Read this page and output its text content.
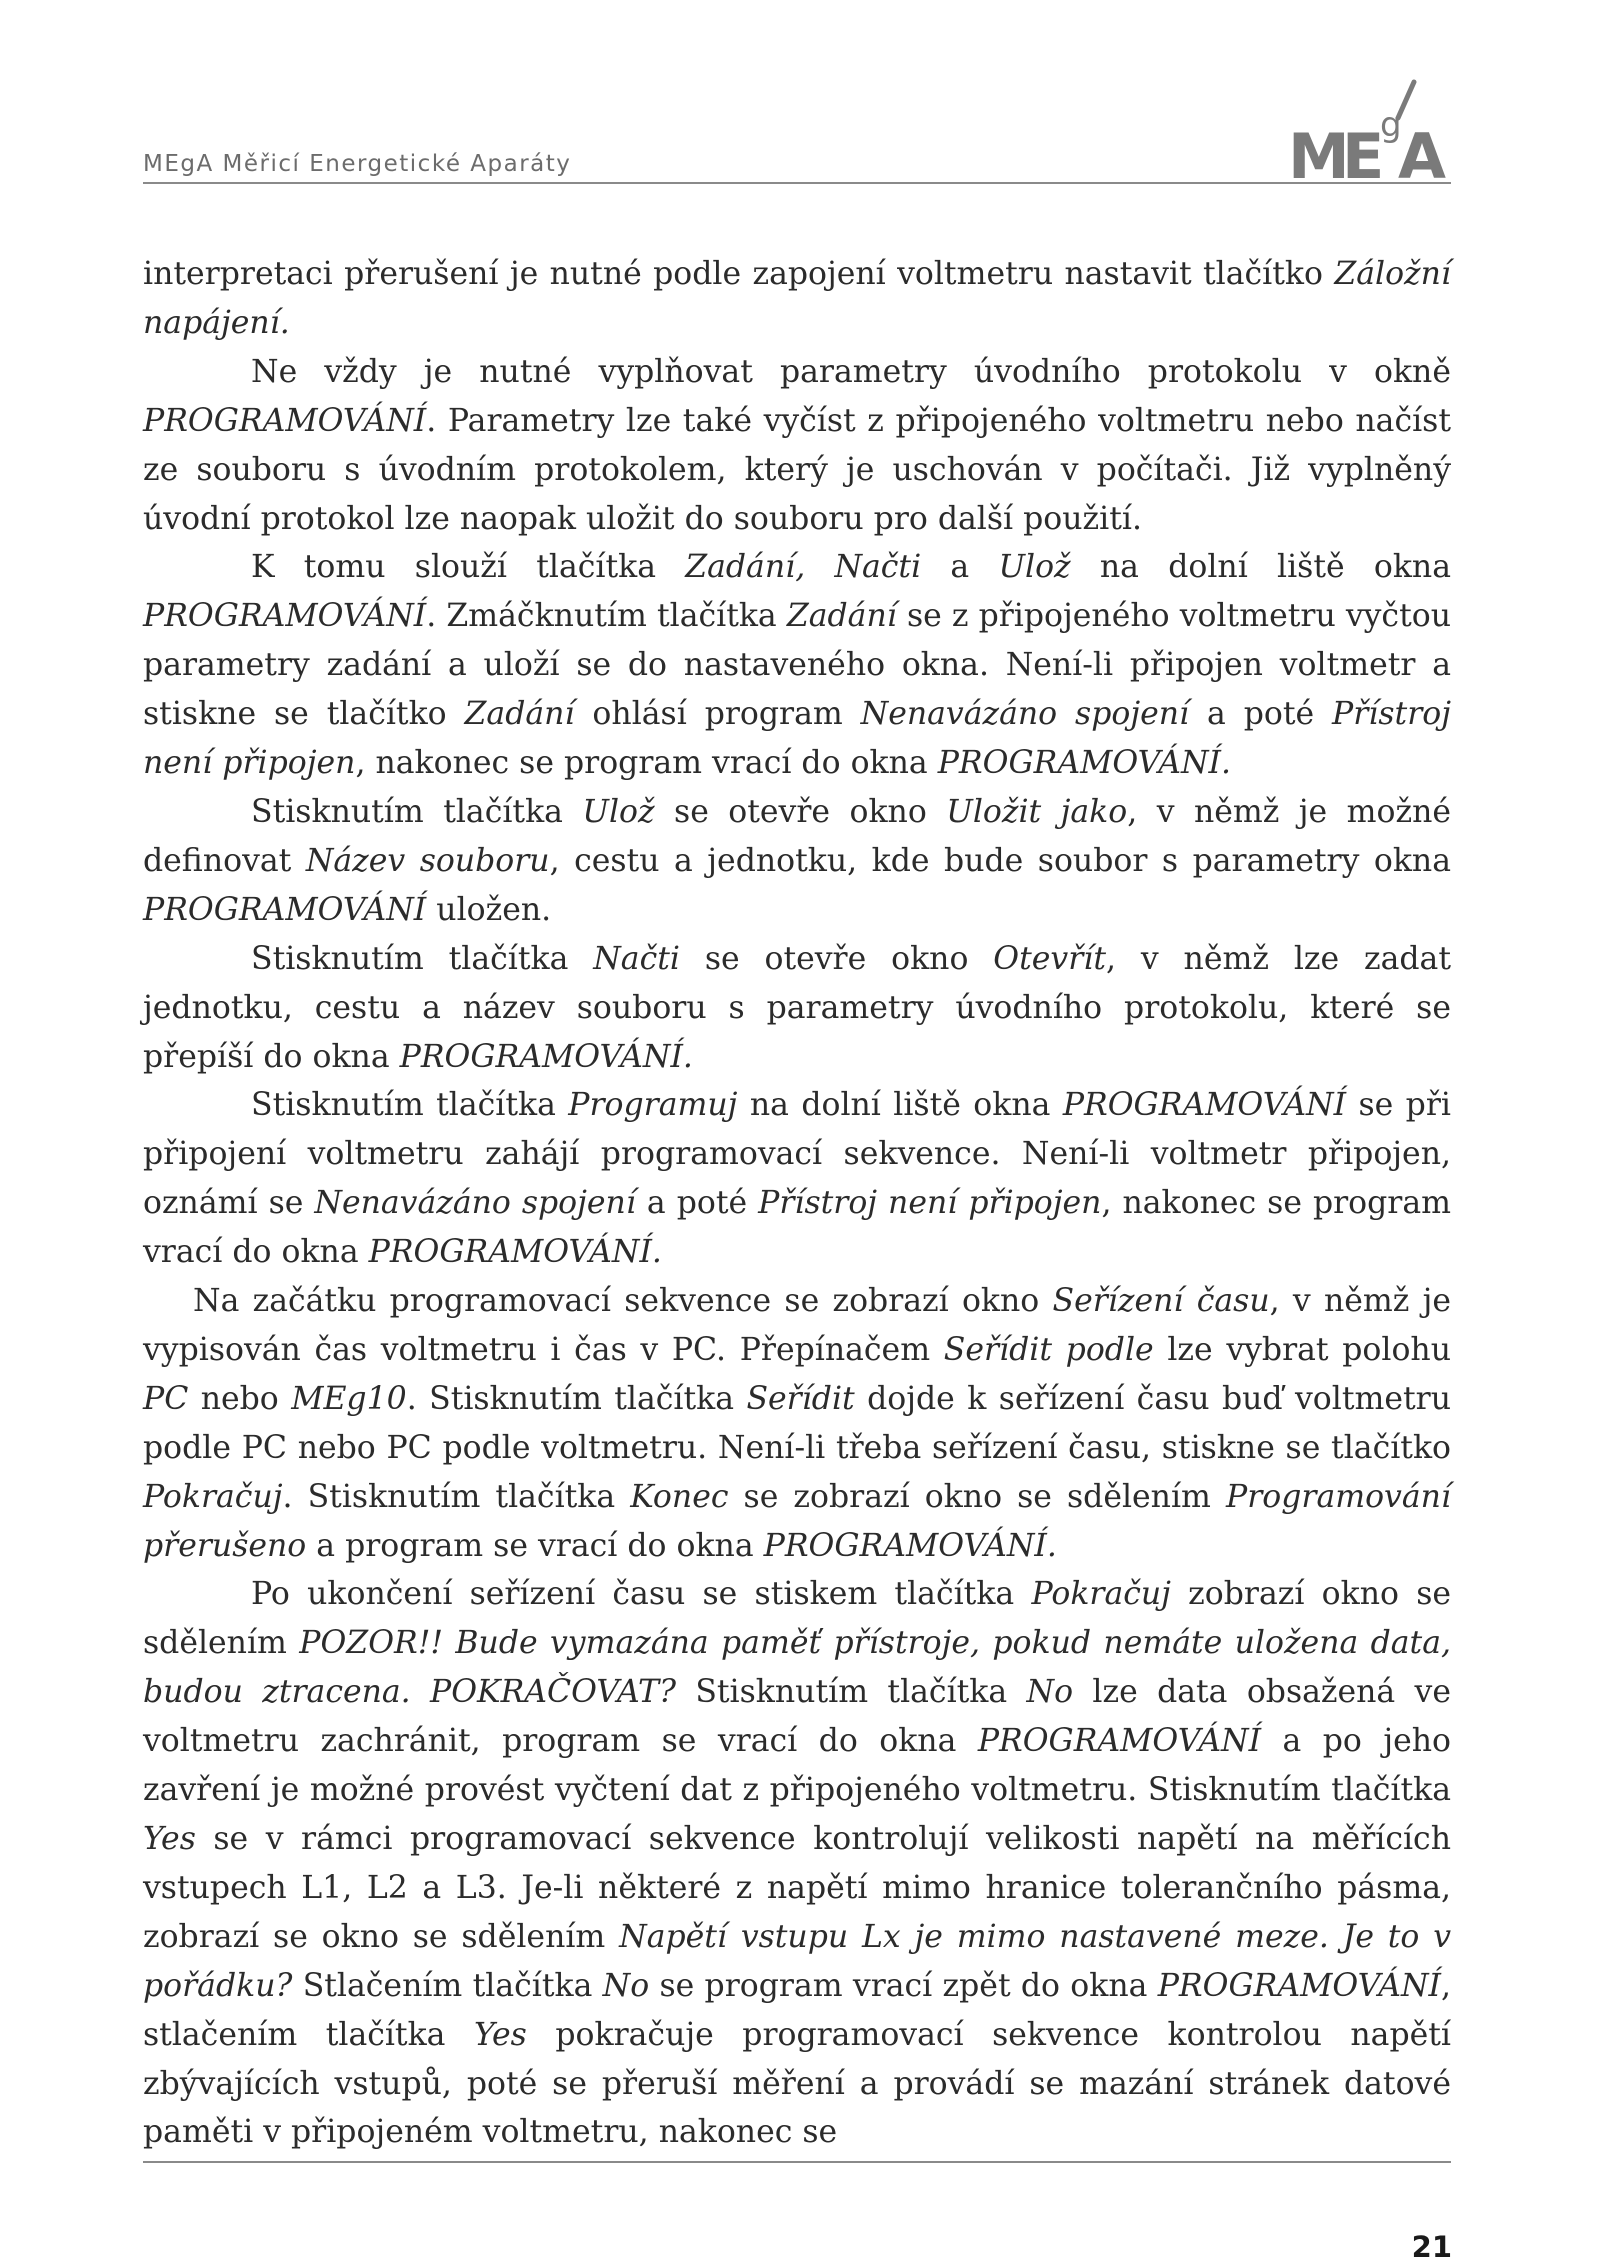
MEgA Měřicí Energetické Aparáty	M
E A
g

interpretaci přerušení je nutné podle zapojení voltmetru nastavit tlačítko Záložní napájení.

Ne vždy je nutné vyplňovat parametry úvodního protokolu v okně PROGRAMOVÁNÍ. Parametry lze také vyčíst z připojeného voltmetru nebo načíst ze souboru s úvodním protokolem, který je uschován v počítači. Již vyplněný úvodní protokol lze naopak uložit do souboru pro další použití.

K tomu slouží tlačítka Zadání, Načti a Ulož na dolní liště okna PROGRAMOVÁNÍ. Zmáčknutím tlačítka Zadání se z připojeného voltmetru vyčtou parametry zadání a uloží se do nastaveného okna. Není-li připojen voltmetr a stiskne se tlačítko Zadání ohlásí program Nenavázáno spojení a poté Přístroj není připojen, nakonec se program vrací do okna PROGRAMOVÁNÍ.

Stisknutím tlačítka Ulož se otevře okno Uložit jako, v němž je možné definovat Název souboru, cestu a jednotku, kde bude soubor s parametry okna PROGRAMOVÁNÍ uložen.

Stisknutím tlačítka Načti se otevře okno Otevřít, v němž lze zadat jednotku, cestu a název souboru s parametry úvodního protokolu, které se přepíší do okna PROGRAMOVÁNÍ.

Stisknutím tlačítka Programuj na dolní liště okna PROGRAMOVÁNÍ se při připojení voltmetru zahájí programovací sekvence. Není-li voltmetr připojen, oznámí se Nenavázáno spojení a poté Přístroj není připojen, nakonec se program vrací do okna PROGRAMOVÁNÍ.

Na začátku programovací sekvence se zobrazí okno Seřízení času, v němž je vypisován čas voltmetru i čas v PC. Přepínačem Seřídit podle lze vybrat polohu PC nebo MEg10. Stisknutím tlačítka Seřídit dojde k seřízení času buď voltmetru podle PC nebo PC podle voltmetru. Není-li třeba seřízení času, stiskne se tlačítko Pokračuj. Stisknutím tlačítka Konec se zobrazí okno se sdělením Programování přerušeno a program se vrací do okna PROGRAMOVÁNÍ.

Po ukončení seřízení času se stiskem tlačítka Pokračuj zobrazí okno se sdělením POZOR!! Bude vymazána paměť přístroje, pokud nemáte uložena data, budou ztracena. POKRAČOVAT? Stisknutím tlačítka No lze data obsažená ve voltmetru zachránit, program se vrací do okna PROGRAMOVÁNÍ a po jeho zavření je možné provést vyčtení dat z připojeného voltmetru. Stisknutím tlačítka Yes se v rámci programovací sekvence kontrolují velikosti napětí na měřících vstupech L1, L2 a L3. Je-li některé z napětí mimo hranice tolerančního pásma, zobrazí se okno se sdělením Napětí vstupu Lx je mimo nastavené meze. Je to v pořádku? Stlačením tlačítka No se program vrací zpět do okna PROGRAMOVÁNÍ, stlačením tlačítka Yes pokračuje programovací sekvence kontrolou napětí zbývajících vstupů, poté se přeruší měření a provádí se mazání stránek datové paměti v připojeném voltmetru, nakonec se

21
